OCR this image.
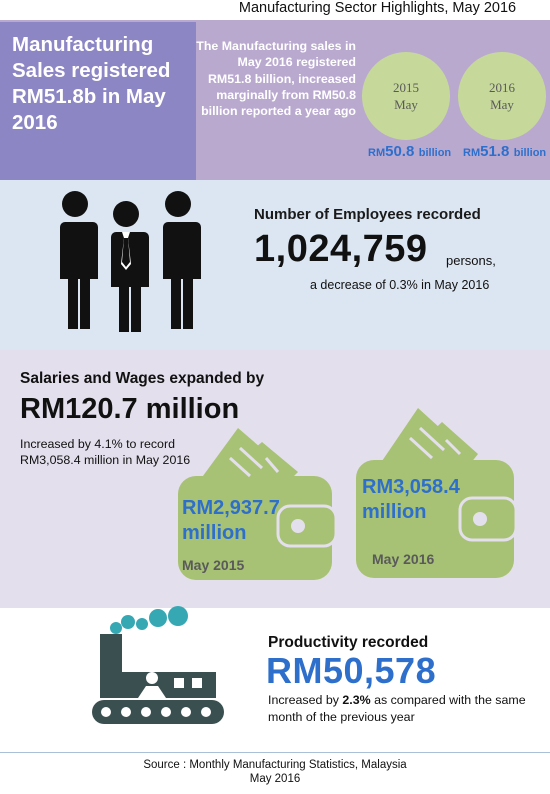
Manufacturing Sector Highlights, May 2016
Manufacturing Sales registered RM51.8b in May 2016
The Manufacturing sales in May 2016 registered RM51.8 billion, increased marginally from RM50.8 billion reported a year ago
2015
May
2016
May
RM50.8 billion RM51.8 billion
Number of Employees recorded
1,024,759 persons,
a decrease of 0.3% in May 2016
Salaries and Wages expanded by
RM120.7 million
Increased by 4.1% to record RM3,058.4 million in May 2016
RM2,937.7 million
May 2015
RM3,058.4 million
May 2016
Productivity recorded
RM50,578
Increased by 2.3% as compared with the same month of the previous year
Source : Monthly Manufacturing Statistics, Malaysia
May 2016
